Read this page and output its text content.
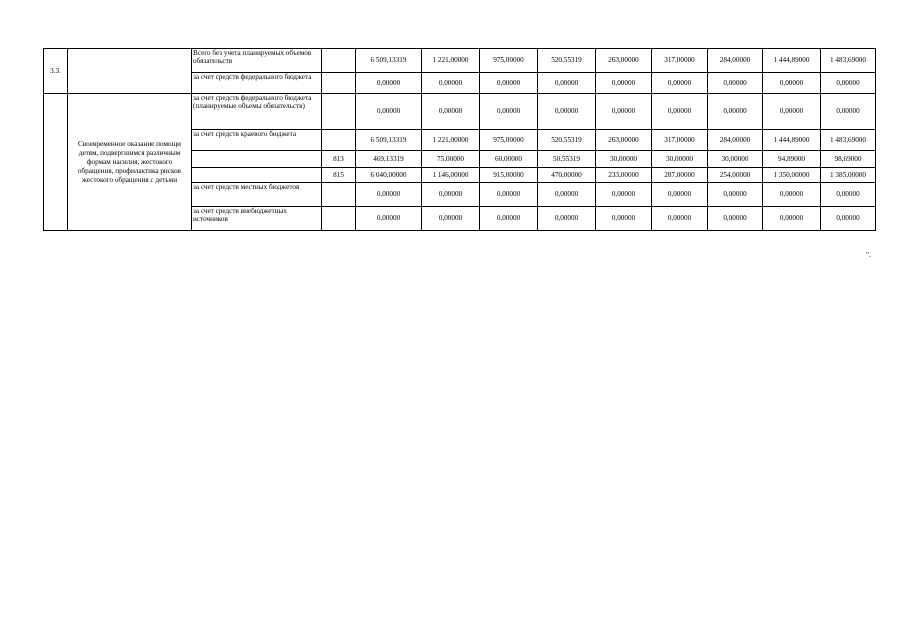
3.3.		Всего без учета планируемых объемов обязательств		6 509,13319	1 221,00000	975,00000	520,55319	263,00000	317,00000	284,00000	1 444,89000	1 483,69000
		за счет средств федерального бюджета		0,00000	0,00000	0,00000	0,00000	0,00000	0,00000	0,00000	0,00000	0,00000
	Своевременное оказание помощи детям, подвергшимся различным формам насилия, жестокого обращения, профилактика рисков жестокого обращения с детьми	за счет средств федерального бюджета (планируемые объемы обязательств)		0,00000	0,00000	0,00000	0,00000	0,00000	0,00000	0,00000	0,00000	0,00000
		за счет средств краевого бюджета		6 509,13319	1 221,00000	975,00000	520,55319	263,00000	317,00000	284,00000	1 444,89000	1 483,69000
			813	469,13319	75,00000	60,00000	50,55319	30,00000	30,00000	30,00000	94,89000	98,69000
			815	6 040,00000	1 146,00000	915,00000	470,00000	233,00000	287,00000	254,00000	1 350,00000	1 385,00000
		за счет средств местных бюджетов		0,00000	0,00000	0,00000	0,00000	0,00000	0,00000	0,00000	0,00000	0,00000
		за счет средств внебюджетных источников		0,00000	0,00000	0,00000	0,00000	0,00000	0,00000	0,00000	0,00000	0,00000
".
